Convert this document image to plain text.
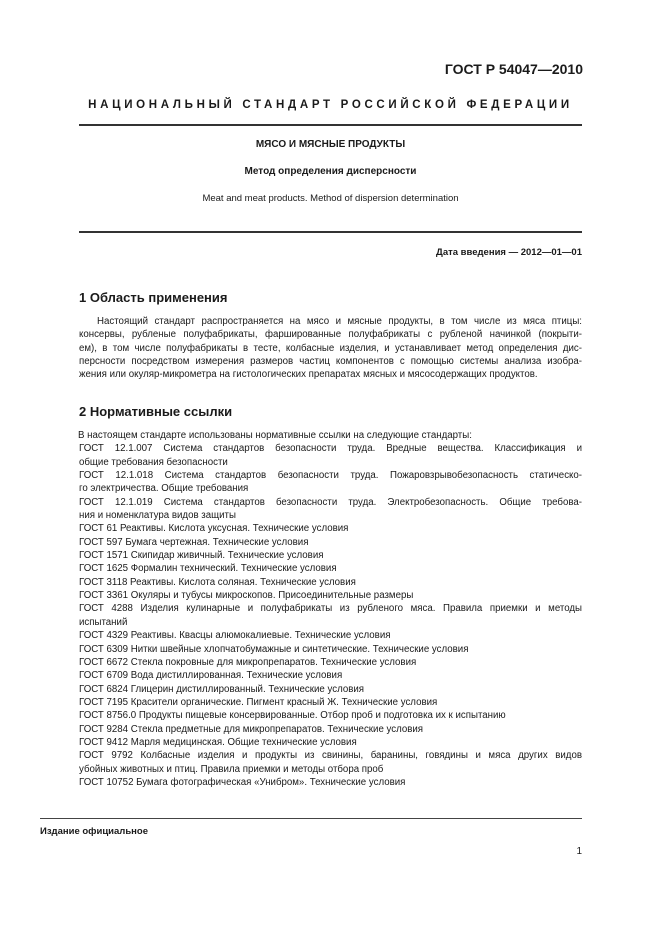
ГОСТ Р 54047—2010
НАЦИОНАЛЬНЫЙ СТАНДАРТ РОССИЙСКОЙ ФЕДЕРАЦИИ
МЯСО И МЯСНЫЕ ПРОДУКТЫ
Метод определения дисперсности
Meat and meat products. Method of dispersion determination
Дата введения — 2012—01—01
1 Область применения
Настоящий стандарт распространяется на мясо и мясные продукты, в том числе из мяса птицы:
консервы, рубленые полуфабрикаты, фаршированные полуфабрикаты с рубленой начинкой (покрыти-
ем), в том числе полуфабрикаты в тесте, колбасные изделия, и устанавливает метод определения дис-
персности посредством измерения размеров частиц компонентов с помощью системы анализа изобра-
жения или окуляр-микрометра на гистологических препаратах мясных и мясосодержащих продуктов.
2 Нормативные ссылки
В настоящем стандарте использованы нормативные ссылки на следующие стандарты:
ГОСТ 12.1.007 Система стандартов безопасности труда. Вредные вещества. Классификация и
общие требования безопасности
ГОСТ 12.1.018 Система стандартов безопасности труда. Пожаровзрывобезопасность статическо-
го электричества. Общие требования
ГОСТ 12.1.019 Система стандартов безопасности труда. Электробезопасность. Общие требова-
ния и номенклатура видов защиты
ГОСТ 61 Реактивы. Кислота уксусная. Технические условия
ГОСТ 597 Бумага чертежная. Технические условия
ГОСТ 1571 Скипидар живичный. Технические условия
ГОСТ 1625 Формалин технический. Технические условия
ГОСТ 3118 Реактивы. Кислота соляная. Технические условия
ГОСТ 3361 Окуляры и тубусы микроскопов. Присоединительные размеры
ГОСТ 4288 Изделия кулинарные и полуфабрикаты из рубленого мяса. Правила приемки и методы
испытаний
ГОСТ 4329 Реактивы. Квасцы алюмокалиевые. Технические условия
ГОСТ 6309 Нитки швейные хлопчатобумажные и синтетические. Технические условия
ГОСТ 6672 Стекла покровные для микропрепаратов. Технические условия
ГОСТ 6709 Вода дистиллированная. Технические условия
ГОСТ 6824 Глицерин дистиллированный. Технические условия
ГОСТ 7195 Красители органические. Пигмент красный Ж. Технические условия
ГОСТ 8756.0 Продукты пищевые консервированные. Отбор проб и подготовка их к испытанию
ГОСТ 9284 Стекла предметные для микропрепаратов. Технические условия
ГОСТ 9412 Марля медицинская. Общие технические условия
ГОСТ 9792 Колбасные изделия и продукты из свинины, баранины, говядины и мяса других видов
убойных животных и птиц. Правила приемки и методы отбора проб
ГОСТ 10752 Бумага фотографическая «Унибром». Технические условия
Издание официальное
1
